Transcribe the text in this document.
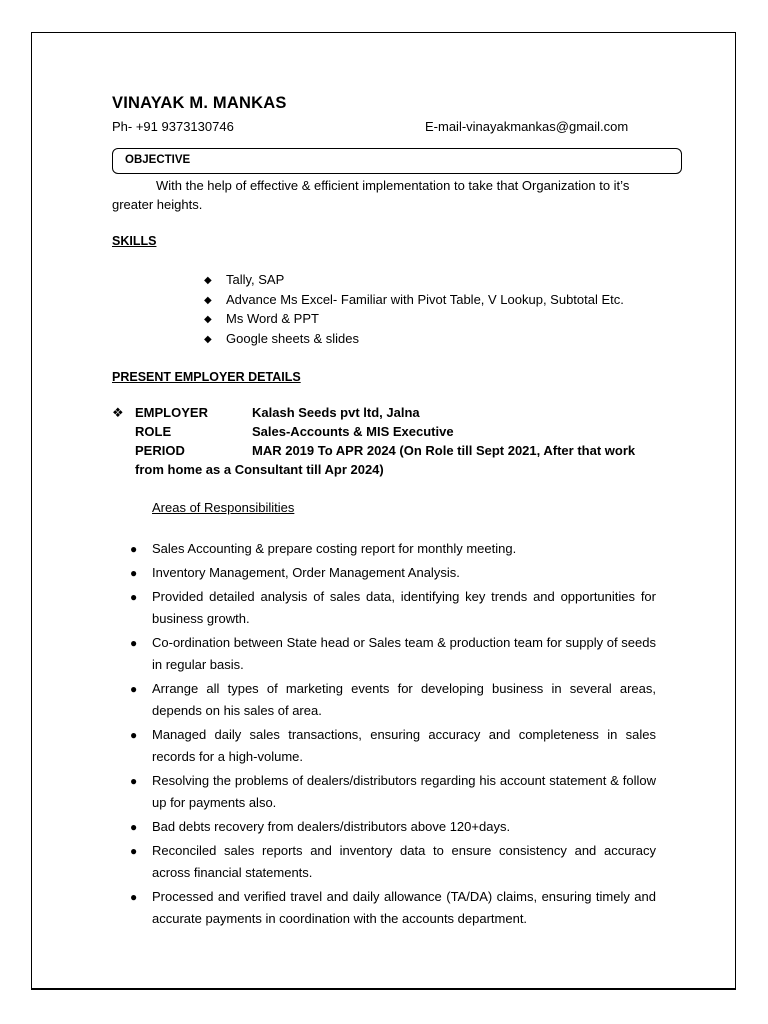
VINAYAK M. MANKAS
Ph- +91 9373130746	E-mail-vinayakmankas@gmail.com
OBJECTIVE
With the help of effective & efficient implementation to take that Organization to it’s greater heights.
SKILLS
◆ Tally, SAP
◆ Advance Ms Excel- Familiar with Pivot Table, V Lookup, Subtotal Etc.
◆ Ms Word & PPT
◆ Google sheets & slides
PRESENT EMPLOYER DETAILS
❖ EMPLOYER	Kalash Seeds pvt ltd, Jalna
ROLE	Sales-Accounts & MIS Executive
PERIOD	MAR 2019 To APR 2024 (On Role till Sept 2021, After that work
from home as a Consultant till Apr 2024)
Areas of Responsibilities
● Sales Accounting & prepare costing report for monthly meeting.
● Inventory Management, Order Management Analysis.
● Provided detailed analysis of sales data, identifying key trends and opportunities for business growth.
● Co-ordination between State head or Sales team & production team for supply of seeds in regular basis.
● Arrange all types of marketing events for developing business in several areas, depends on his sales of area.
● Managed daily sales transactions, ensuring accuracy and completeness in sales records for a high-volume.
● Resolving the problems of dealers/distributors regarding his account statement & follow up for payments also.
● Bad debts recovery from dealers/distributors above 120+days.
● Reconciled sales reports and inventory data to ensure consistency and accuracy across financial statements.
● Processed and verified travel and daily allowance (TA/DA) claims, ensuring timely and accurate payments in coordination with the accounts department.
